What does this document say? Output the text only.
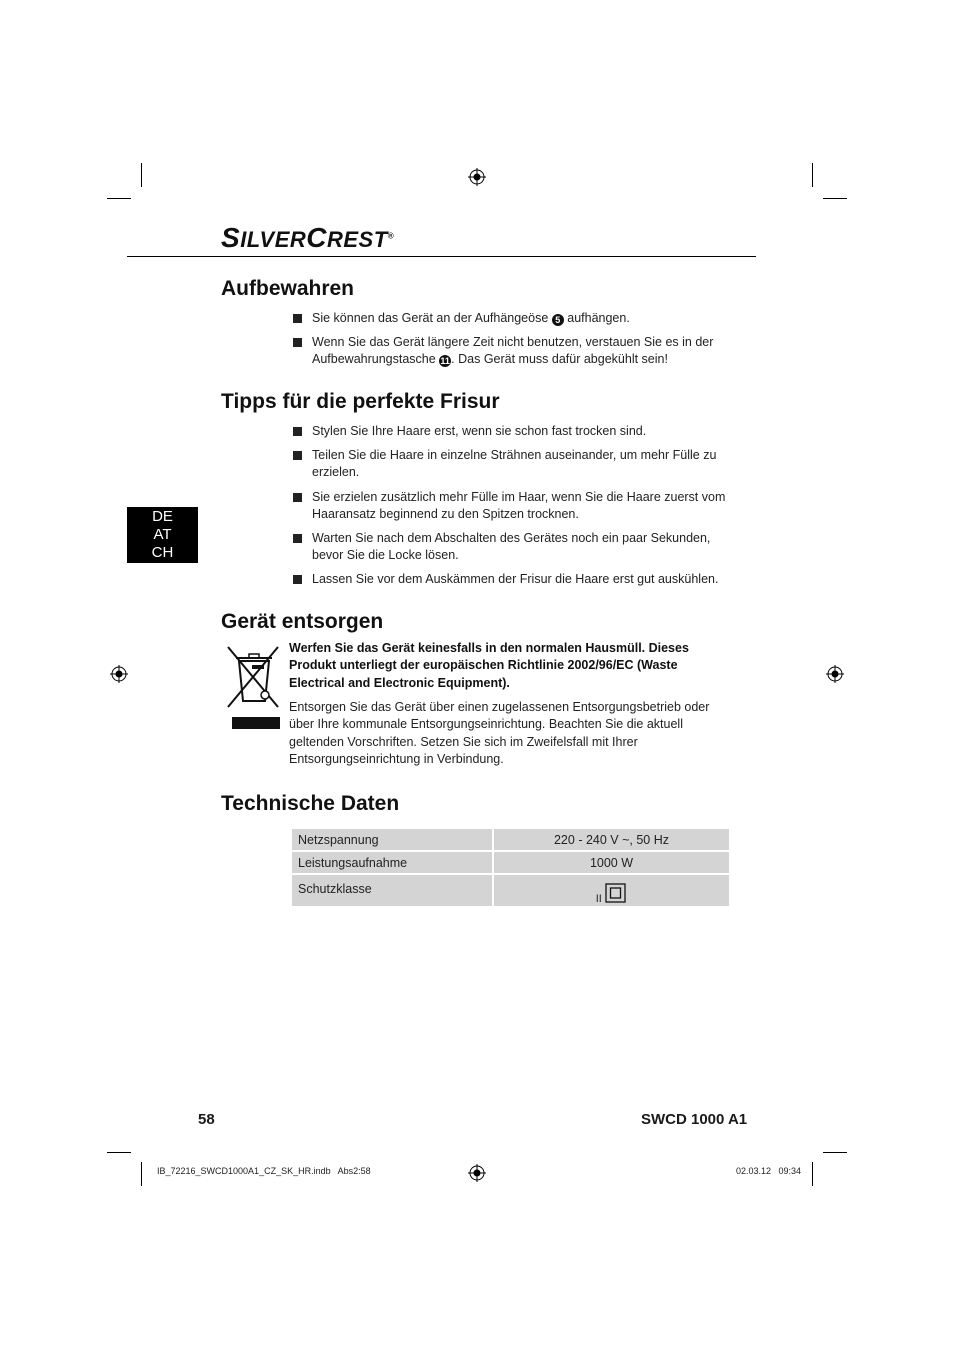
SILVERCREST®
DE
AT
CH
Aufbewahren
Sie können das Gerät an der Aufhängeöse 5 aufhängen.
Wenn Sie das Gerät längere Zeit nicht benutzen, verstauen Sie es in der Aufbewahrungstasche 11. Das Gerät muss dafür abgekühlt sein!
Tipps für die perfekte Frisur
Stylen Sie Ihre Haare erst, wenn sie schon fast trocken sind.
Teilen Sie die Haare in einzelne Strähnen auseinander, um mehr Fülle zu erzielen.
Sie erzielen zusätzlich mehr Fülle im Haar, wenn Sie die Haare zuerst vom Haaransatz beginnend zu den Spitzen trocknen.
Warten Sie nach dem Abschalten des Gerätes noch ein paar Sekunden, bevor Sie die Locke lösen.
Lassen Sie vor dem Auskämmen der Frisur die Haare erst gut auskühlen.
Gerät entsorgen
Werfen Sie das Gerät keinesfalls in den normalen Hausmüll. Dieses Produkt unterliegt der europäischen Richtlinie 2002/96/EC (Waste Electrical and Electronic Equipment).
Entsorgen Sie das Gerät über einen zugelassenen Entsorgungsbetrieb oder über Ihre kommunale Entsorgungseinrichtung. Beachten Sie die aktuell geltenden Vorschriften. Setzen Sie sich im Zweifelsfall mit Ihrer Entsorgungseinrichtung in Verbindung.
Technische Daten
Netzspannung	220 - 240 V ~, 50 Hz
Leistungsaufnahme	1000 W
Schutzklasse	II
58	SWCD 1000 A1
IB_72216_SWCD1000A1_CZ_SK_HR.indb   Abs2:58	02.03.12   09:34
